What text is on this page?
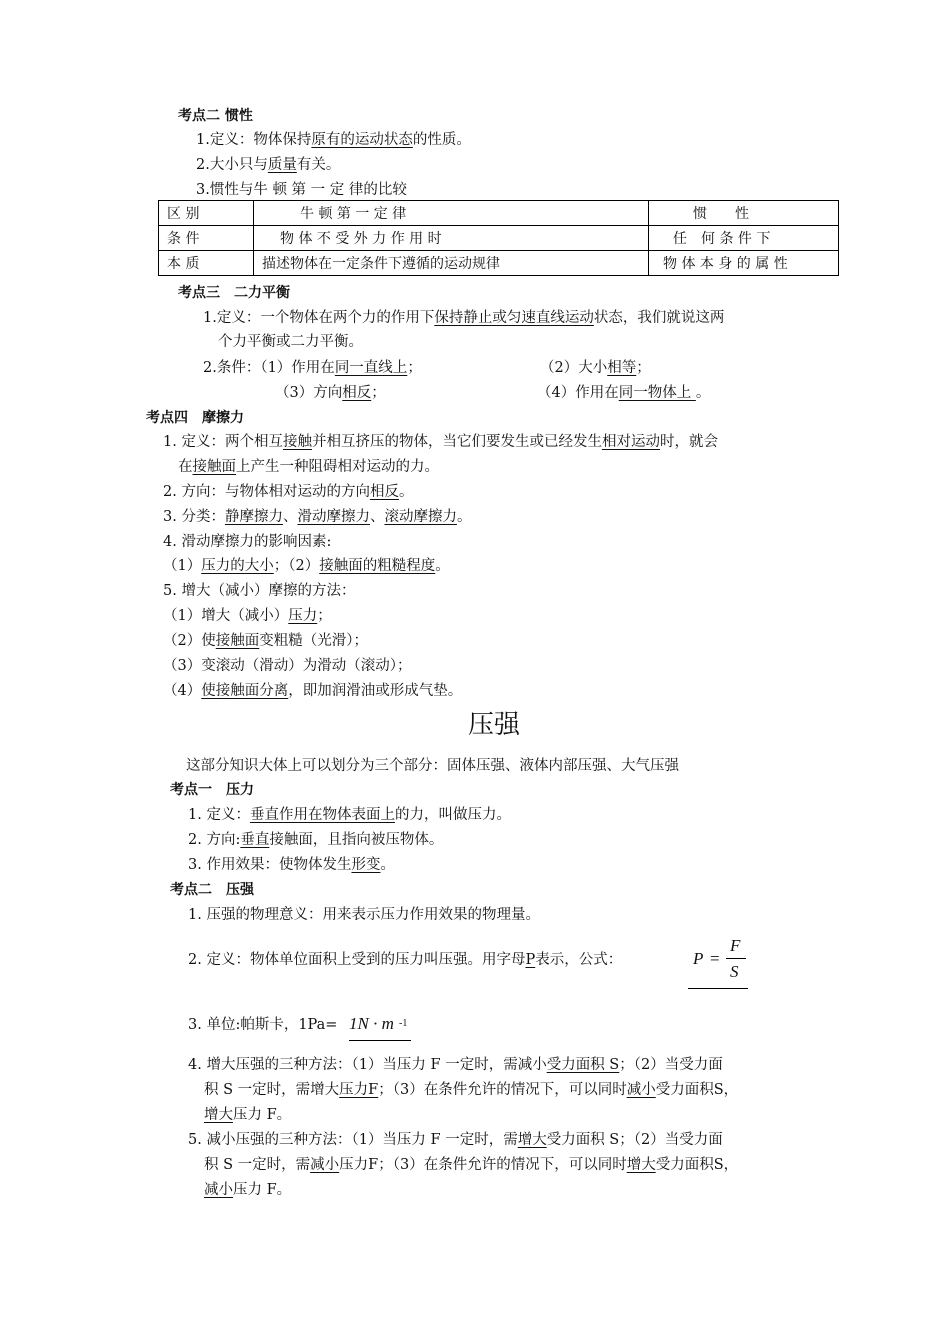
考点二 惯性
1.定义：物体保持原有的运动状态的性质。
2.大小只与质量有关。
3.惯性与牛 顿 第 一 定 律的比较
区 别	牛 顿 第 一 定 律	惯　　性
条 件	物 体 不 受 外 力 作 用 时	任　何 条 件 下
本 质	描述物体在一定条件下遵循的运动规律	物 体 本 身 的 属 性
考点三　二力平衡
1.定义：一个物体在两个力的作用下保持静止或匀速直线运动状态，我们就说这两
个力平衡或二力平衡。
2.条件：（1）作用在同一直线上；	（2）大小相等；
（3）方向相反；	（4）作用在同一物体上 。
考点四　摩擦力
1. 定义：两个相互接触并相互挤压的物体，当它们要发生或已经发生相对运动时，就会
在接触面上产生一种阻碍相对运动的力。
2. 方向：与物体相对运动的方向相反。
3. 分类：静摩擦力、滑动摩擦力、滚动摩擦力。
4. 滑动摩擦力的影响因素:
（1）压力的大小；（2）接触面的粗糙程度。
5. 增大（减小）摩擦的方法：
（1）增大（减小）压力；
（2）使接触面变粗糙（光滑）；
（3）变滚动（滑动）为滑动（滚动）；
（4）使接触面分离，即加润滑油或形成气垫。
压强
这部分知识大体上可以划分为三个部分：固体压强、液体内部压强、大气压强
考点一　压力
1. 定义：垂直作用在物体表面上的力，叫做压力。
2. 方向:垂直接触面，且指向被压物体。
3. 作用效果：使物体发生形变。
考点二　压强
1. 压强的物理意义：用来表示压力作用效果的物理量。
2. 定义：物体单位面积上受到的压力叫压强。用字母P表示，公式：	P =
F
S
3. 单位:帕斯卡，1Pa= 1N · m -1
4. 增大压强的三种方法：（1）当压力 F 一定时，需减小受力面积 S；（2）当受力面
积 S 一定时，需增大压力F；（3）在条件允许的情况下，可以同时减小受力面积S，
增大压力 F。
5. 减小压强的三种方法：（1）当压力 F 一定时，需增大受力面积 S；（2）当受力面
积 S 一定时，需减小压力F；（3）在条件允许的情况下，可以同时增大受力面积S，
减小压力 F。
